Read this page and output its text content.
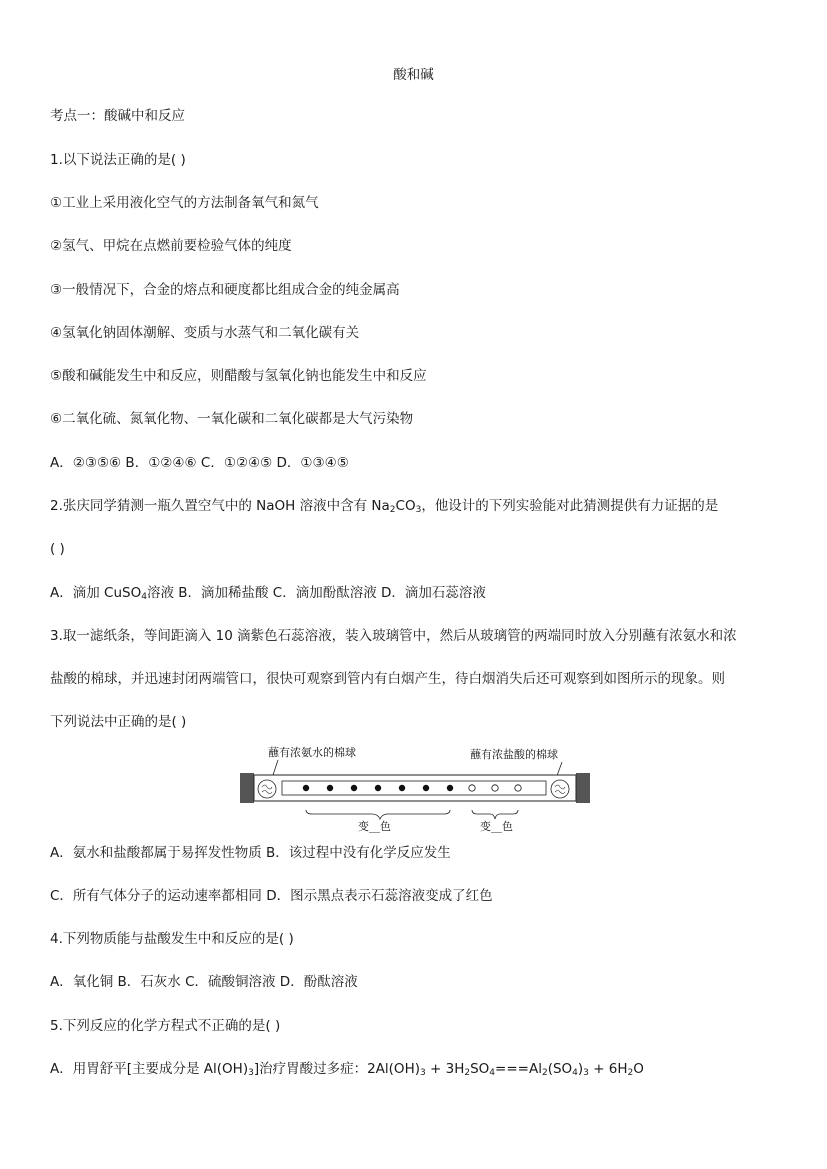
酸和碱
考点一：酸碱中和反应
1.以下说法正确的是( )
①工业上采用液化空气的方法制备氧气和氮气
②氢气、甲烷在点燃前要检验气体的纯度
③一般情况下，合金的熔点和硬度都比组成合金的纯金属高
④氢氧化钠固体潮解、变质与水蒸气和二氧化碳有关
⑤酸和碱能发生中和反应，则醋酸与氢氧化钠也能发生中和反应
⑥二氧化硫、氮氧化物、一氧化碳和二氧化碳都是大气污染物
A．②③⑤⑥ B．①②④⑥ C．①②④⑤ D．①③④⑤
2.张庆同学猜测一瓶久置空气中的 NaOH 溶液中含有 $Na_2CO_3$，他设计的下列实验能对此猜测提供有力证据的是
( )
A．滴加 CuSO$_4$溶液 B．滴加稀盐酸 C．滴加酚酞溶液 D．滴加石蕊溶液
3.取一滤纸条，等间距滴入 10 滴紫色石蕊溶液，装入玻璃管中，然后从玻璃管的两端同时放入分别蘸有浓氨水和浓
盐酸的棉球，并迅速封闭两端管口，很快可观察到管内有白烟产生，待白烟消失后还可观察到如图所示的现象。则
下列说法中正确的是( )
蘸有浓氨水的棉球	蘸有浓盐酸的棉球
变__色	变__色
A．氨水和盐酸都属于易挥发性物质 B．该过程中没有化学反应发生
C．所有气体分子的运动速率都相同 D．图示黑点表示石蕊溶液变成了红色
4.下列物质能与盐酸发生中和反应的是( )
A．氧化铜 B．石灰水 C．硫酸铜溶液 D．酚酞溶液
5.下列反应的化学方程式不正确的是( )
A．用胃舒平[主要成分是 $Al(OH)_3$]治疗胃酸过多症：$2Al(OH)_3 + 3H_2SO_4===Al_2(SO_4)_3 + 6H_2O$
